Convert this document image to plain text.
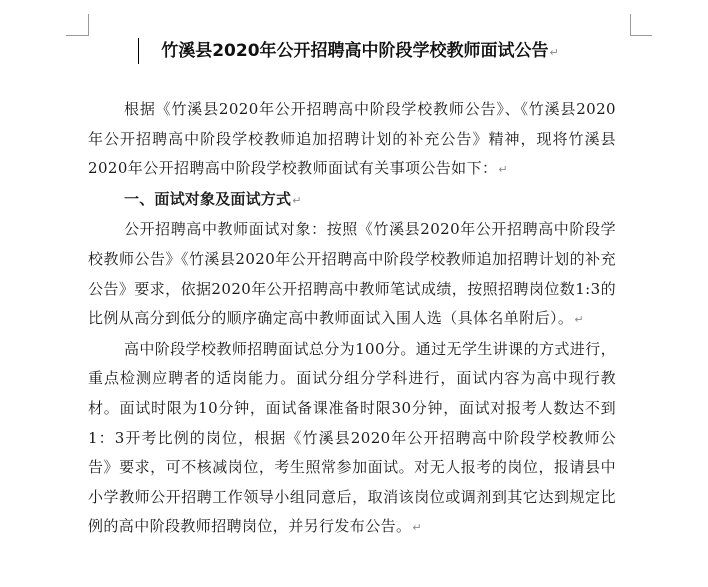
竹溪县2020年公开招聘高中阶段学校教师面试公告↵

根据《竹溪县2020年公开招聘高中阶段学校教师公告》、《竹溪县2020年公开招聘高中阶段学校教师追加招聘计划的补充公告》精神，现将竹溪县2020年公开招聘高中阶段学校教师面试有关事项公告如下：↵

一、面试对象及面试方式↵

公开招聘高中教师面试对象：按照《竹溪县2020年公开招聘高中阶段学校教师公告》《竹溪县2020年公开招聘高中阶段学校教师追加招聘计划的补充公告》要求，依据2020年公开招聘高中教师笔试成绩，按照招聘岗位数1:3的比例从高分到低分的顺序确定高中教师面试入围人选（具体名单附后）。↵

高中阶段学校教师招聘面试总分为100分。通过无学生讲课的方式进行，重点检测应聘者的适岗能力。面试分组分学科进行，面试内容为高中现行教材。面试时限为10分钟，面试备课准备时限30分钟，面试对报考人数达不到1：3开考比例的岗位，根据《竹溪县2020年公开招聘高中阶段学校教师公告》要求，可不核减岗位，考生照常参加面试。对无人报考的岗位，报请县中小学教师公开招聘工作领导小组同意后，取消该岗位或调剂到其它达到规定比例的高中阶段教师招聘岗位，并另行发布公告。↵
